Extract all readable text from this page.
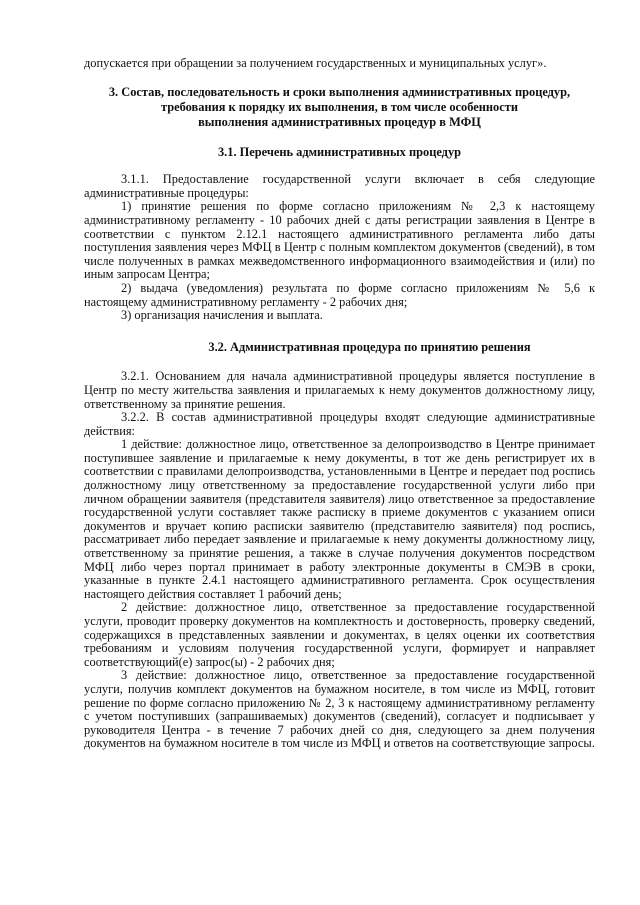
допускается при обращении за получением государственных и муниципальных услуг».

3. Состав, последовательность и сроки выполнения административных процедур,
требования к порядку их выполнения, в том числе особенности
выполнения административных процедур в МФЦ
3.1. Перечень административных процедур

3.1.1. Предоставление государственной услуги включает в себя следующие административные процедуры:

1) принятие решения по форме согласно приложениям № 2,3 к настоящему административному регламенту - 10 рабочих дней с даты регистрации заявления в Центре в соответствии с пунктом 2.12.1 настоящего административного регламента либо даты поступления заявления через МФЦ в Центр с полным комплектом документов (сведений), в том числе полученных в рамках межведомственного информационного взаимодействия и (или) по иным запросам Центра;

2) выдача (уведомления) результата по форме согласно приложениям № 5,6 к настоящему административному регламенту - 2 рабочих дня;

3) организация начисления и выплата.

3.2. Административная процедура по принятию решения

3.2.1. Основанием для начала административной процедуры является поступление в Центр по месту жительства заявления и прилагаемых к нему документов должностному лицу, ответственному за принятие решения.

3.2.2. В состав административной процедуры входят следующие административные действия:

1 действие: должностное лицо, ответственное за делопроизводство в Центре принимает поступившее заявление и прилагаемые к нему документы, в тот же день регистрирует их в соответствии с правилами делопроизводства, установленными в Центре и передает под роспись должностному лицу ответственному за предоставление государственной услуги либо при личном обращении заявителя (представителя заявителя) лицо ответственное за предоставление государственной услуги составляет также расписку в приеме документов с указанием описи документов и вручает копию расписки заявителю (представителю заявителя) под роспись, рассматривает либо передает заявление и прилагаемые к нему документы должностному лицу, ответственному за принятие решения, а также в случае получения документов посредством МФЦ либо через портал принимает в работу электронные документы в СМЭВ в сроки, указанные в пункте 2.4.1 настоящего административного регламента. Срок осуществления настоящего действия составляет 1 рабочий день;

2 действие: должностное лицо, ответственное за предоставление государственной услуги, проводит проверку документов на комплектность и достоверность, проверку сведений, содержащихся в представленных заявлении и документах, в целях оценки их соответствия требованиям и условиям получения государственной услуги, формирует и направляет соответствующий(е) запрос(ы) - 2 рабочих дня;

3 действие: должностное лицо, ответственное за предоставление государственной услуги, получив комплект документов на бумажном носителе, в том числе из МФЦ, готовит решение по форме согласно приложению № 2, 3 к настоящему административному регламенту с учетом поступивших (запрашиваемых) документов (сведений), согласует и подписывает у руководителя Центра - в течение 7 рабочих дней со дня, следующего за днем получения документов на бумажном носителе в том числе из МФЦ и ответов на соответствующие запросы.
